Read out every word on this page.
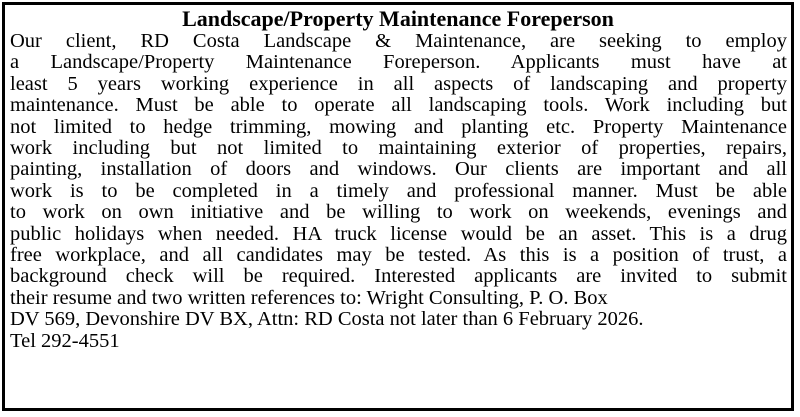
Landscape/Property Maintenance Foreperson
Our client, RD Costa Landscape & Maintenance, are seeking to employ
a Landscape/Property Maintenance Foreperson. Applicants must have at
least 5 years working experience in all aspects of landscaping and property
maintenance. Must be able to operate all landscaping tools. Work including but
not limited to hedge trimming, mowing and planting etc. Property Maintenance
work including but not limited to maintaining exterior of properties, repairs,
painting, installation of doors and windows. Our clients are important and all
work is to be completed in a timely and professional manner. Must be able
to work on own initiative and be willing to work on weekends, evenings and
public holidays when needed. HA truck license would be an asset. This is a drug
free workplace, and all candidates may be tested. As this is a position of trust, a
background check will be required. Interested applicants are invited to submit
their resume and two written references to: Wright Consulting, P. O. Box
DV 569, Devonshire DV BX, Attn: RD Costa not later than 6 February 2026.
Tel 292-4551
